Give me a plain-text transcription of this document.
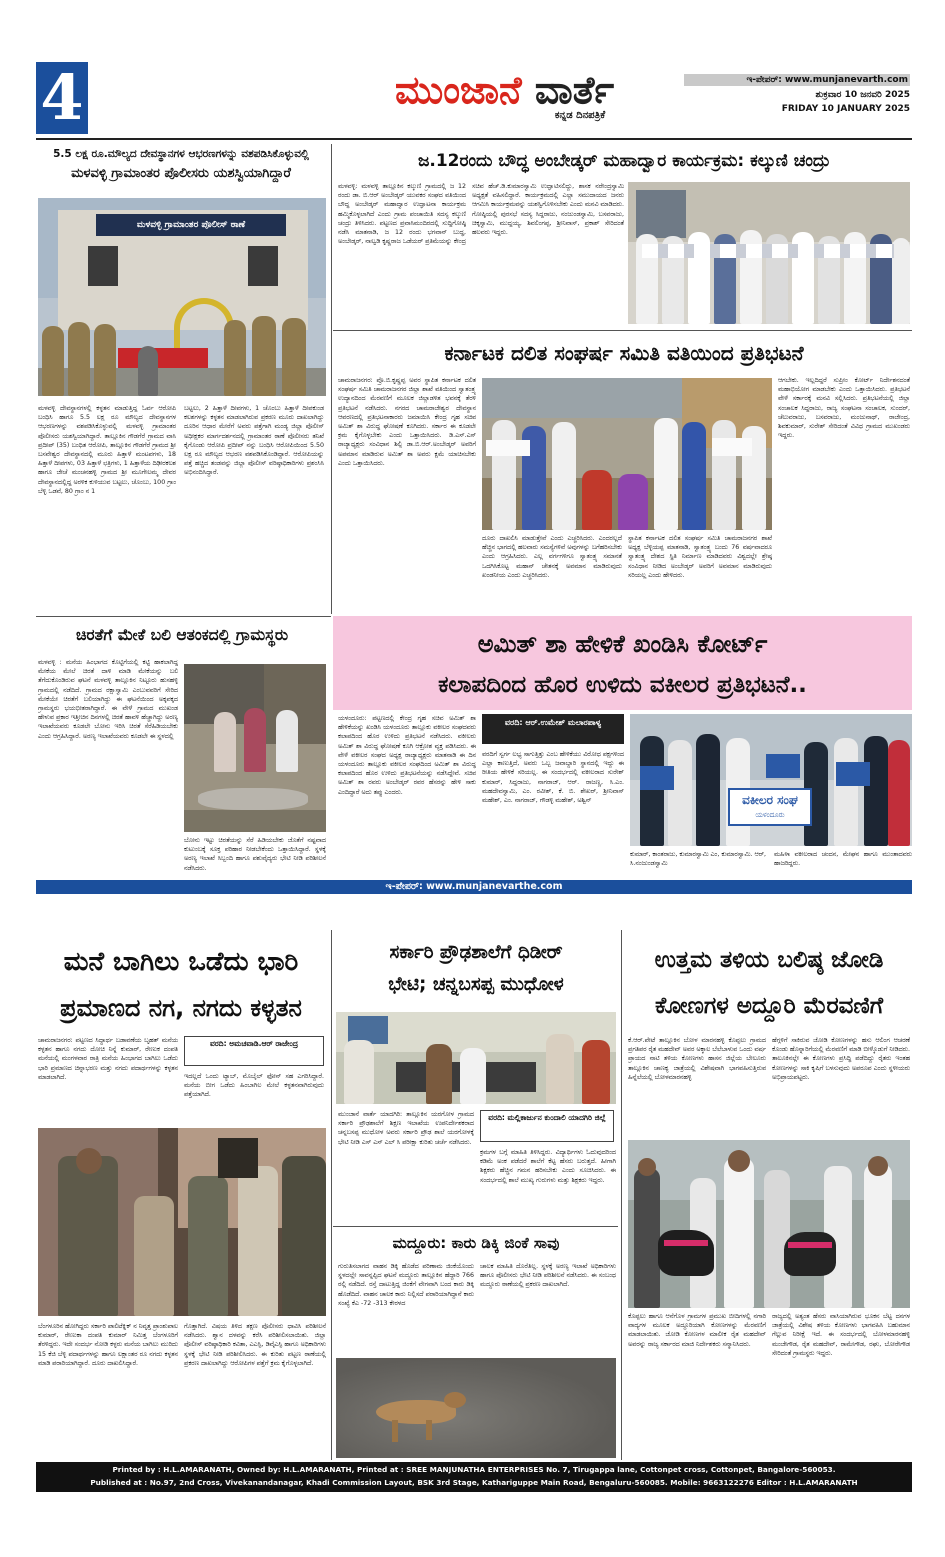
4	ಮುಂಜಾನೆ ವಾರ್ತೆ
ಕನ್ನಡ ದಿನಪತ್ರಿಕೆ
ಇ-ಪೇಪರ್: www.munjanevarth.com
ಶುಕ್ರವಾರ 10 ಜನವರಿ 2025
FRIDAY 10 JANUARY 2025
5.5 ಲಕ್ಷ ರೂ.ಮೌಲ್ಯದ ದೇವಸ್ಥಾನಗಳ ಆಭರಣಗಳನ್ನು ವಶಪಡಿಸಿಕೊಳ್ಳುವಲ್ಲಿ
ಮಳವಳ್ಳಿ ಗ್ರಾಮಾಂತರ ಪೊಲೀಸರು ಯಶಸ್ವಿಯಾಗಿದ್ದಾರೆ
ಮಳವಳ್ಳಿ ಗ್ರಾಮಾಂತರ ಪೊಲೀಸ್ ಠಾಣೆ
ಮಳವಳ್ಳಿ ದೇವಸ್ಥಾನಗಳಲ್ಲಿ ಕಳ್ಳತನ ಮಾಡುತ್ತಿದ್ದ ಓರ್ವ ಆರೋಪಿ ಬಂಧಿಸಿ ಹಾಗೂ 5.5 ಲಕ್ಷ ರೂ ಮೌಲ್ಯದ ದೇವಸ್ಥಾನಗಳ ಆಭರಣಗಳನ್ನು ವಶಪಡಿಸಿಕೊಳ್ಳುವಲ್ಲಿ ಮಳವಳ್ಳಿ ಗ್ರಾಮಾಂತರ ಪೊಲೀಸರು ಯಶಸ್ವಿಯಾಗಿದ್ದಾರೆ. ತಾಲ್ಲೂಕಿನ ಗೌಡಗೆರೆ ಗ್ರಾಮದ ವಾಸಿ ಪ್ರದೀಪ್ (35) ಬಂಧಿತ ಆರೋಪಿ, ತಾಲ್ಲೂಕಿನ ಗೌಡಗೆರೆ ಗ್ರಾಮದ ಶ್ರೀ ಬಸವೇಶ್ವರ ದೇವಸ್ಥಾನದಲ್ಲಿ ಮೂರು ಹಿತ್ತಾಳೆ ಮಂಟಪಗಳು, 18 ಹಿತ್ತಾಳೆ ದೀಪಗಳು, 03 ಹಿತ್ತಾಳೆ ಛತ್ರಿಗಳು, 1 ಹಿತ್ತಾಳೆಯ ದಿಢೀರಕಲಶ ಹಾಗೂ ಜೇಚೆ ಮಂಚನಹಳ್ಳಿ ಗ್ರಾಮದ ಶ್ರೀ ಮೂಗೇಲಮ್ಮ ದೇವರ ದೇವಸ್ಥಾನದಲ್ಲಿದ್ದ ಅರಳಿಕ ಕುಳಿಯುವ ಬಟ್ಟಲು, ಚೊಂಬು, 100 ಗ್ರಾಂ ಬೆಳ್ಳಿ ಒಡವೆ, 80 ಗ್ರಾಂ ನ 1
ಬಟ್ಟಲು, 2 ಹಿತ್ತಾಳೆ ದೀಪಗಳು, 1 ಚೊಂಬು ಹಿತ್ತಾಳೆ ದೀಪಕುಂಡ ಕಲಶಗಳನ್ನು ಕಳ್ಳತನ ಮಾಡಲಾಗಿರುವ ಪ್ರಕರಣ ಮೂರು ದಾಖಲಾಗಿದ್ದು ದೂರಿನ ಆಧಾರ ಮೇರೆಗೆ ಅವರು ಪತ್ತೆಗಾಗಿ ಮಂಡ್ಯ ಜಿಲ್ಲಾ ಪೊಲೀಸ್ ಅಧೀಕ್ಷಕರ ಮಾರ್ಗದರ್ಶನದಲ್ಲಿ ಗ್ರಾಮಾಂತರ ಠಾಣೆ ಪೊಲೀಸರು ತನಿಖೆ ಕೈಗೊಂಡು ಆರೋಪಿ ಪ್ರದೀಪ್ ನನ್ನು ಬಂಧಿಸಿ ಆರೋಪಿಯಿಂದ 5.50 ಲಕ್ಷ ರೂ ಮೌಲ್ಯದ ಆಭರಣ ವಶಪಡಿಸಿಕೊಂಡಿದ್ದಾರೆ. ಆರೋಪಿಯನ್ನು ಪತ್ತೆ ಹಚ್ಚಿದ ತಂಡವನ್ನು ಜಿಲ್ಲಾ ಪೊಲೀಸ್ ವರಿಷ್ಠಾಧಿಕಾರಿಗಳು ಪ್ರಶಂಸಿಸಿ ಅಭಿನಂದಿಸಿದ್ದಾರೆ.
ಜ.12ರಂದು ಬೌದ್ಧ ಅಂಬೇಡ್ಕರ್ ಮಹಾದ್ವಾರ ಕಾರ್ಯಕ್ರಮ: ಕಲ್ಕುಣಿ ಚಂದ್ರು
ಮಳವಳ್ಳಿ: ಮಳವಳ್ಳಿ ತಾಲ್ಲೂಕಿನ ಕಲ್ಕುಣಿ ಗ್ರಾಮದಲ್ಲಿ ಜ 12 ರಂದು ಡಾ. ಬಿ.ಆರ್ ಅಂಬೇಡ್ಕರ್ ಯುವಕರ ಸಂಘದ ವತಿಯಿಂದ ಬೌದ್ಧ ಅಂಬೇಡ್ಕರ್ ಮಹಾದ್ವಾರ ಉದ್ಘಾಟನಾ ಕಾರ್ಯಕ್ರಮ ಹಮ್ಮಿಕೊಳ್ಳಲಾಗಿದೆ ಎಂದು ಗ್ರಾಮ ಪಂಚಾಯಿತಿ ಸದಸ್ಯ ಕಲ್ಕುಣಿ ಚಂದ್ರು ತಿಳಿಸಿದರು. ಪಟ್ಟಣದ ಪ್ರವಾಸಿಮಂದಿರದಲ್ಲಿ ಸುದ್ದಿಗೋಷ್ಠಿ ನಡೆಸಿ ಮಾತನಾಡಿ, ಜ 12 ರಂದು ಭಗವಾನ್ ಬುದ್ಧ, ಅಂಬೇಡ್ಕರ್, ನಾಲ್ವಡಿ ಕೃಷ್ಣರಾಜ ಒಡೆಯರ್ ಪ್ರತಿಮೆಯನ್ನು ಕೇಂದ್ರ
ಸಚಿವ ಹೆಚ್.ಡಿ.ಕುಮಾರಸ್ವಾಮಿ ಉದ್ಘಾಟಿಸಲಿದ್ದು, ಶಾಸಕ ನರೇಂದ್ರಸ್ವಾಮಿ ಅಧ್ಯಕ್ಷತೆ ವಹಿಸಲಿದ್ದಾರೆ. ಕಾರ್ಯಕ್ರಮದಲ್ಲಿ ಎಲ್ಲಾ ಸಮುದಾಯದ ಜನರು ಆಗಮಿಸಿ ಕಾರ್ಯಕ್ರಮವನ್ನು ಯಶಸ್ವಿಗೊಳಿಸಬೇಕು ಎಂದು ಮನವಿ ಮಾಡಿದರು. ಗೋಷ್ಠಿಯಲ್ಲಿ ಪುರಸಭೆ ಸದಸ್ಯ ಸಿದ್ದರಾಜು, ನಂಜುಂಡಸ್ವಾಮಿ, ಬಸವರಾಜು, ಚಿಕ್ಕಸ್ವಾಮಿ, ಮುದ್ದಯ್ಯ, ಶಿವಲಿಂಗಪ್ಪ, ಶ್ರೀನಿವಾಸ್, ಪ್ರಕಾಶ್ ಸೇರಿದಂತೆ ಹಲವರು ಇದ್ದರು.
ಕರ್ನಾಟಕ ದಲಿತ ಸಂಘರ್ಷ ಸಮಿತಿ ವತಿಯಿಂದ ಪ್ರತಿಭಟನೆ
ಚಾಮರಾಜನಗರ: ಪ್ರೊ.ಬಿ.ಕೃಷ್ಣಪ್ಪ ಅವರ ಸ್ಥಾಪಿತ ಕರ್ನಾಟಕ ದಲಿತ ಸಂಘರ್ಷ ಸಮಿತಿ ಚಾಮರಾಜನಗರ ಜಿಲ್ಲಾ ಶಾಖೆ ವತಿಯಿಂದ ಸ್ವಾತಂತ್ರ್ಯ ಉದ್ಯಾನದಿಂದ ಮೆರವಣಿಗೆ ಮೂಲಕ ಜಿಲ್ಲಾಡಳಿತ ಭವನಕ್ಕೆ ತೆರಳಿ ಪ್ರತಿಭಟನೆ ನಡೆಸಿದರು. ನಗರದ ಚಾಮರಾಜೇಶ್ವರ ದೇವಸ್ಥಾನ ಆವರಣದಲ್ಲಿ ಪ್ರತಿಭಟನಾಕಾರರು ಜಮಾಯಿಸಿ ಕೇಂದ್ರ ಗೃಹ ಸಚಿವ ಅಮಿತ್ ಶಾ ವಿರುದ್ಧ ಘೋಷಣೆ ಕೂಗಿದರು. ಸರ್ಕಾರ ಈ ಕೂಡಲೇ ಕ್ರಮ ಕೈಗೊಳ್ಳಬೇಕು ಎಂದು ಒತ್ತಾಯಿಸಿದರು. ಡಿ.ಎಸ್.ಎಸ್ ರಾಜ್ಯಾಧ್ಯಕ್ಷರು ಸಂವಿಧಾನ ಶಿಲ್ಪಿ ಡಾ.ಬಿ.ಆರ್.ಅಂಬೇಡ್ಕರ್ ಅವರಿಗೆ ಅಪಮಾನ ಮಾಡಿರುವ ಅಮಿತ್ ಶಾ ಅವರು ಕ್ಷಮೆ ಯಾಚಿಸಬೇಕು ಎಂದು ಒತ್ತಾಯಿಸಿದರು.
ದೂರು ದಾಖಲಿಸಿ ಮಾಡುತ್ತೇವೆ ಎಂದು ಎಚ್ಚರಿಸಿದರು. ಎಂದರಲ್ಲದೆ ಹೆಚ್ಚಿನ ಭಾಗದಲ್ಲಿ ಹಲವಾರು ಸಮಸ್ಯೆಗಳಿವೆ ಅವುಗಳನ್ನು ಬಗೆಹರಿಸಬೇಕು ಎಂದು ಆಗ್ರಹಿಸಿದರು. ಎಲ್ಲ ವರ್ಗಗಳಿಗೂ ಸ್ವಾತಂತ್ರ್ಯ ಸಮಾನತೆ ಒದಗಿಸಿಕೊಟ್ಟ ಮಹಾನ್ ಚೇತನಕ್ಕೆ ಅವಮಾನ ಮಾಡಿರುವುದು ಖಂಡನೀಯ ಎಂದು ಎಚ್ಚರಿಸಿದರು.
ಸ್ಥಾಪಿತ ಕರ್ನಾಟಕ ದಲಿತ ಸಂಘರ್ಷ ಸಮಿತಿ ಚಾಮರಾಜನಗರ ಶಾಖೆ ಅಧ್ಯಕ್ಷ ಬೆಳ್ಳಿಯಪ್ಪ ಮಾತನಾಡಿ, ಸ್ವಾತಂತ್ರ್ಯ ಬಂದು 76 ವರ್ಷವಾದರೂ ಸ್ವಾತಂತ್ರ್ಯ ದೇಶದ ಸ್ಥಿತಿ ನಿರ್ಮಾಣ ಮಾಡಿದವರು ವಿಶ್ವದಲ್ಲೇ ಶ್ರೇಷ್ಠ ಸಂವಿಧಾನ ನೀಡಿದ ಅಂಬೇಡ್ಕರ್ ಅವರಿಗೆ ಅವಮಾನ ಮಾಡಿರುವುದು ಸರಿಯಲ್ಲ ಎಂದು ಹೇಳಿದರು.
ಆಗಬೇಕು. ಇಲ್ಲದಿದ್ದರೆ ಸುಪ್ರೀಂ ಕೋರ್ಟ್ ನಿರ್ದೇಶನದಂತೆ ಮಹಾಭಿಯೋಗ ಮಾಡಬೇಕು ಎಂದು ಒತ್ತಾಯಿಸಿದರು. ಪ್ರತಿಭಟನೆ ವೇಳೆ ಸರ್ಕಾರಕ್ಕೆ ಮನವಿ ಸಲ್ಲಿಸಿದರು. ಪ್ರತಿಭಟನೆಯಲ್ಲಿ ಜಿಲ್ಲಾ ಸಂಚಾಲಕ ಸಿದ್ದರಾಜು, ರಾಜ್ಯ ಸಂಘಟನಾ ಸಂಚಾಲಕ, ಸುಂದರ್, ಚೆಲುವರಾಜು, ಬಸವರಾಜು, ಮಂಜುನಾಥ್, ರಾಜೇಂದ್ರ, ಶಿವಕುಮಾರ್, ಸುರೇಶ್ ಸೇರಿದಂತೆ ವಿವಿಧ ಗ್ರಾಮದ ಮುಖಂಡರು ಇದ್ದರು.
ಚಿರತೆಗೆ ಮೇಕೆ ಬಲಿ ಆತಂಕದಲ್ಲಿ ಗ್ರಾಮಸ್ಥರು
ಮಳವಳ್ಳಿ : ಮನೆಯ ಹಿಂಭಾಗದ ಕೊಟ್ಟಿಗೆಯಲ್ಲಿ ಕಟ್ಟಿ ಹಾಕಲಾಗಿದ್ದ ಮೇಕೆಯ ಮೇಲೆ ಚಿರತೆ ದಾಳಿ ಮಾಡಿ ಮೇಕೆಯನ್ನು ಬಲಿ ತೆಗೆದುಕೊಂಡಿರುವ ಘಟನೆ ಮಳವಳ್ಳಿ ತಾಲ್ಲೂಕಿನ ನಿಟ್ಟೂರು ಹುಸಹಳ್ಳಿ ಗ್ರಾಮದಲ್ಲಿ ನಡೆದಿದೆ. ಗ್ರಾಮದ ರಕ್ಷಾಸ್ವಾಮಿ ಎಂಬುವವರಿಗೆ ಸೇರಿದ ಮೇಕೆಯೇ ಚಿರತೆಗೆ ಬಲಿಯಾಗಿದ್ದು ಈ ಘಟನೆಯಿಂದ ಅಕ್ಕಪಕ್ಕದ ಗ್ರಾಮಸ್ಥರು ಭಯಭೀತರಾಗಿದ್ದಾರೆ. ಈ ವೇಳೆ ಗ್ರಾಮದ ಮುಖಂಡ ಹೇಳುವ ಪ್ರಕಾರ ಇತ್ತೀಚಿನ ದಿನಗಳಲ್ಲಿ ಚಿರತೆ ಹಾವಳಿ ಹೆಚ್ಚಾಗಿದ್ದು ಅರಣ್ಯ ಇಲಾಖೆಯವರು ಕೂಡಲೇ ಬೋನು ಇರಿಸಿ ಚಿರತೆ ಸೆರೆಹಿಡಿಯಬೇಕು ಎಂದು ಆಗ್ರಹಿಸಿದ್ದಾರೆ. ಅರಣ್ಯ ಇಲಾಖೆಯವರು ಕೂಡಲೇ ಈ ಸ್ಥಳದಲ್ಲಿ
ಬೋನು ಇಟ್ಟು ಚಿರತೆಯನ್ನು ಸೆರೆ ಹಿಡಿಯಬೇಕು ಜೊತೆಗೆ ನಷ್ಟವಾದ ಕುಟುಂಬಕ್ಕೆ ಸೂಕ್ತ ಪರಿಹಾರ ನೀಡಬೇಕೆಂದು ಒತ್ತಾಯಿಸಿದ್ದಾರೆ. ಸ್ಥಳಕ್ಕೆ ಅರಣ್ಯ ಇಲಾಖೆ ಸಿಬ್ಬಂದಿ ಹಾಗೂ ಪಶುವೈದ್ಯರು ಭೇಟಿ ನೀಡಿ ಪರಿಶೀಲನೆ ನಡೆಸಿದರು.
ಅಮಿತ್ ಶಾ ಹೇಳಿಕೆ ಖಂಡಿಸಿ ಕೋರ್ಟ್
ಕಲಾಪದಿಂದ ಹೊರ ಉಳಿದು ವಕೀಲರ ಪ್ರತಿಭಟನೆ..
ಯಳಂದೂರು: ಪಟ್ಟಣದಲ್ಲಿ ಕೇಂದ್ರ ಗೃಹ ಸಚಿವ ಅಮಿತ್ ಶಾ ಹೇಳಿಕೆಯನ್ನು ಖಂಡಿಸಿ ಯಳಂದೂರು ತಾಲ್ಲೂಕು ವಕೀಲರ ಸಂಘದವರು ಕಲಾಪದಿಂದ ಹೊರ ಉಳಿದು ಪ್ರತಿಭಟನೆ ನಡೆಸಿದರು. ವಕೀಲರು ಅಮಿತ್ ಶಾ ವಿರುದ್ಧ ಘೋಷಣೆ ಕೂಗಿ ಆಕ್ರೋಶ ವ್ಯಕ್ತ ಪಡಿಸಿದರು. ಈ ವೇಳೆ ವಕೀಲರ ಸಂಘದ ಅಧ್ಯಕ್ಷ ರಾಜ್ಯಾಧ್ಯಕ್ಷರು ಮಾತನಾಡಿ ಈ ದಿನ ಯಳಂದೂರು ತಾಲ್ಲೂಕು ವಕೀಲರ ಸಂಘದಿಂದ ಅಮಿತ್ ಶಾ ವಿರುದ್ಧ ಕಲಾಪದಿಂದ ಹೊರ ಉಳಿದು ಪ್ರತಿಭಟನೆಯನ್ನು ನಡೆಸಿದ್ದೇವೆ. ಸಚಿವ ಅಮಿತ್ ಶಾ ರವರು ಅಂಬೇಡ್ಕರ್ ರವರ ಹೆಸರನ್ನು ಹೇಳಿ ಸಾಕು ಎಂದಿದ್ದಾರೆ ಅದು ತಪ್ಪು ಎಂದರು.
ವರದಿ: ಆರ್.ಉಮೇಶ್ ಮಲಾರಪಾಳ್ಯ
ವರದಿಗೆ ಸ್ವರ್ಗ ಲಭ್ಯ ಸಾಗುತ್ತಿತ್ತು ಎಂಬ ಹೇಳಿಕೆಯು ವಿರೋಧ ಪಕ್ಷಗಳಿಂದ ಎಲ್ಲಾ ಕಾಣುತ್ತಿದೆ, ಅವರು ಒಬ್ಬ ಜವಾಬ್ದಾರಿ ಸ್ಥಾನದಲ್ಲಿ ಇದ್ದು ಈ ರೀತಿಯ ಹೇಳಿಕೆ ಸರಿಯಲ್ಲ. ಈ ಸಂದರ್ಭದಲ್ಲಿ ವಕೀಲರಾದ ಸುರೇಶ್ ಕುಮಾರ್, ಸಿದ್ದರಾಜು, ನಾಗರಾಜ್, ಆರ್. ರಾಜಣ್ಣ, ಸಿ.ಎಂ. ಮಹದೇವಸ್ವಾಮಿ, ಎಂ. ರವೀಶ್, ಕೆ. ಬಿ. ಶೇಖರ್, ಶ್ರೀನಿವಾಸ್ ಮಹೇಶ್, ಎಂ. ನಾಗರಾಜ್, ಗೌಡಳ್ಳಿ ಮಹೇಶ್, ಅಶ್ವಿನ್	ವಕೀಲರ ಸಂಘ
ಯಳಂದೂರು
ಕುಮಾರ್, ಕಾಂತರಾಜು, ಕುಮಾರಸ್ವಾಮಿ ಎಂ, ಕುಮಾರಸ್ವಾಮಿ. ಆರ್, ಸಿ.ನಂಜುಂಡಸ್ವಾಮಿ
ಮಹಿಳಾ ವಕೀಲರಾದ ಚಂದನ, ಮೇಘನ ಹಾಗೂ ಮುಂತಾದವರು ಹಾಜರಿದ್ದರು.
ಇ-ಪೇಪರ್: www.munjanevarthe.com
ಮನೆ ಬಾಗಿಲು ಒಡೆದು ಭಾರಿ
ಪ್ರಮಾಣದ ನಗ, ನಗದು ಕಳ್ಳತನ
ಚಾಮರಾಜನಗರ: ಪಟ್ಟಣದ ಸಿದ್ಧಾರ್ಥ ಬಡಾವಣೆಯ ಬೃಹತ್ ಮನೆಯ ಕಳ್ಳತನ ಹಾಗೂ ನಗದು ದೋಚಿ ನಿನ್ನೆ ಕುಮಾರ್, ರೇಣುಕ ದಂಪತಿ ಮನೆಯಲ್ಲಿ ಮಂಗಳವಾರ ರಾತ್ರಿ ಮನೆಯ ಹಿಂಭಾಗದ ಬಾಗಿಲು ಒಡೆದು ಭಾರಿ ಪ್ರಮಾಣದ ಚಿನ್ನಾಭರಣ ಮತ್ತು ನಗದು ಪದಾರ್ಥಗಳನ್ನು ಕಳ್ಳತನ ಮಾಡಲಾಗಿದೆ.
ವರದಿ: ಅಮಚವಾಡಿ.ಆರ್ ರಾಜೇಂದ್ರ
ಇದಲ್ಲದೆ ಒಂದು ಟ್ಯಾಬ್, ಮೊಬೈಲ್ ಫೋನ್ ಸಹ ಎಗರಿಸಿದ್ದಾರೆ. ಮನೆಯ ಬೀಗ ಒಡೆದು ಹಿಂಬಾಗಿಲ ಮೇಲೆ ಕಳ್ಳತನವಾಗಿರುವುದು ಪತ್ತೆಯಾಗಿದೆ.
ಬೆಂಗಳೂರಿನ ಹೋಗಿದ್ದರು ಸರ್ಕಾರಿ ಪಾಲಿಟೆಕ್ನಿಕ್ ನ ನಿವೃತ್ತ ಪ್ರಾಂಶುಪಾಲ ಕುಮಾರ್, ರೇಣುಕಾ ದಂಪತಿ ಕುಮಾರ್ ನಿಮಿತ್ತ ಬೆಂಗಳೂರಿಗೆ ತೆರಳಿದ್ದರು. ಇದೇ ಸಂದರ್ಭ ನೋಡಿ ಕಳ್ಳರು ಮನೆಯ ಬಾಗಿಲು ಮುರಿದು 15 ಕೆಜಿ ಬೆಳ್ಳಿ ಪದಾರ್ಥಗಳನ್ನು ಹಾಗೂ ಲಕ್ಷಾಂತರ ರೂ ನಗದು ಕಳ್ಳತನ ಮಾಡಿ ಪರಾರಿಯಾಗಿದ್ದಾರೆ. ದೂರು ದಾಖಲಿಸಿದ್ದಾರೆ.
ಗೊತ್ತಾಗಿದೆ. ವಿಷಯ ತಿಳಿದ ತಕ್ಷಣ ಪೊಲೀಸರು ಧಾವಿಸಿ ಪರಿಶೀಲನೆ ನಡೆಸಿದರು. ಶ್ವಾನ ದಳವನ್ನು ಕರೆಸಿ ಪರಿಶೀಲಿಸಲಾಯಿತು. ಜಿಲ್ಲಾ ಪೊಲೀಸ್ ವರಿಷ್ಠಾಧಿಕಾರಿ ಕವಿತಾ, ಎಎಸ್ಪಿ, ಡಿವೈಎಸ್ಪಿ ಹಾಗೂ ಅಧಿಕಾರಿಗಳು ಸ್ಥಳಕ್ಕೆ ಭೇಟಿ ನೀಡಿ ಪರಿಶೀಲಿಸಿದರು. ಈ ಕುರಿತು ಪಟ್ಟಣ ಠಾಣೆಯಲ್ಲಿ ಪ್ರಕರಣ ದಾಖಲಾಗಿದ್ದು ಆರೋಪಿಗಳ ಪತ್ತೆಗೆ ಕ್ರಮ ಕೈಗೊಳ್ಳಲಾಗಿದೆ.
ಸರ್ಕಾರಿ ಪ್ರೌಢಶಾಲೆಗೆ ಧಿಡೀರ್
ಭೇಟಿ; ಚನ್ನಬಸಪ್ಪ ಮುಧೋಳ
ಮುಂಜಾನೆ ವಾರ್ತೆ ಯಾದಗಿರಿ: ತಾಲ್ಲೂಕಿನ ಯರಗೋಳ ಗ್ರಾಮದ ಸರ್ಕಾರಿ ಪ್ರೌಢಶಾಲೆಗೆ ಶಿಕ್ಷಣ ಇಲಾಖೆಯ ಉಪನಿರ್ದೇಶಕರಾದ ಚನ್ನಬಸಪ್ಪ ಮುಧೋಳ ಅವರು ಸರ್ಕಾರಿ ಪ್ರೌಢ ಶಾಲೆ ಯರಗೋಳಕ್ಕೆ ಭೇಟಿ ನೀಡಿ ಎಸ್ ಎಸ್ ಎಲ್ ಸಿ ಪರೀಕ್ಷಾ ಕುರಿತು ಚರ್ಚೆ ನಡೆಸಿದರು.
ವರದಿ: ಮಲ್ಲಿಕಾರ್ಜುನ ಕುಂದಾಲಿ ಯಾದಗಿರಿ ಜಿಲ್ಲೆ
ಕ್ರಮಗಳ ಬಗ್ಗೆ ಮಾಹಿತಿ ತಿಳಿಸಿದ್ದರು. ವಿದ್ಯಾರ್ಥಿಗಳು ಓದುವುದರಿಂದ ಕಡಿಮೆ ಅಂಕ ಪಡೆದರೆ ಶಾಲೆಗೆ ಕೆಟ್ಟ ಹೆಸರು ಬರುತ್ತದೆ. ಹೀಗಾಗಿ ಶಿಕ್ಷಕರು ಹೆಚ್ಚಿನ ಗಮನ ಹರಿಸಬೇಕು ಎಂದು ಸೂಚಿಸಿದರು. ಈ ಸಂದರ್ಭದಲ್ಲಿ ಶಾಲೆ ಮುಖ್ಯ ಗುರುಗಳು ಮತ್ತು ಶಿಕ್ಷಕರು ಇದ್ದರು.
ಮದ್ದೂರು: ಕಾರು ಡಿಕ್ಕಿ ಜಿಂಕೆ ಸಾವು
ಗುರುತಿಸಲಾಗದ ವಾಹನ ಡಿಕ್ಕಿ ಹೊಡೆದ ಪರಿಣಾಮ ಜಿಂಕೆಯೊಂದು ಸ್ಥಳದಲ್ಲೇ ಸಾವನ್ನಪ್ಪಿದ ಘಟನೆ ಮದ್ದೂರು ತಾಲ್ಲೂಕಿನ ಹೆದ್ದಾರಿ 766 ರಲ್ಲಿ ನಡೆದಿದೆ. ರಸ್ತೆ ದಾಟುತ್ತಿದ್ದ ಜಿಂಕೆಗೆ ವೇಗವಾಗಿ ಬಂದ ಕಾರು ಡಿಕ್ಕಿ ಹೊಡೆದಿದೆ. ವಾಹನ ಚಾಲಕ ಕಾರು ನಿಲ್ಲಿಸದೆ ಪರಾರಿಯಾಗಿದ್ದಾನೆ ಕಾರು ಸಂಖ್ಯೆ ಕೆಎ -72 -313 ಕೇರಳದ
ಚಾಲಕ ಮಾಹಿತಿ ದೊರೆತಿಲ್ಲ. ಸ್ಥಳಕ್ಕೆ ಅರಣ್ಯ ಇಲಾಖೆ ಅಧಿಕಾರಿಗಳು ಹಾಗೂ ಪೊಲೀಸರು ಭೇಟಿ ನೀಡಿ ಪರಿಶೀಲನೆ ನಡೆಸಿದರು. ಈ ಸಂಬಂಧ ಮದ್ದೂರು ಠಾಣೆಯಲ್ಲಿ ಪ್ರಕರಣ ದಾಖಲಾಗಿದೆ.
ಉತ್ತಮ ತಳಿಯ ಬಲಿಷ್ಠ ಜೋಡಿ
ಕೋಣಗಳ ಅದ್ದೂರಿ ಮೆರವಣಿಗೆ
ಕೆ.ಆರ್.ಪೇಟೆ ತಾಲ್ಲೂಕಿನ ಬೋಳ ಮಾರನಹಳ್ಳಿ ಕೊಪ್ಪಲು ಗ್ರಾಮದ ಪ್ರಗತಿಪರ ರೈತ ಮಹದೇವ್ ಅವರ ಅಕ್ಕಾಲ ಬೆಲೆಬಾಳುವ ಒಂದು ವರ್ಷ ಪ್ರಾಯದ ನಾಟಿ ತಳಿಯ ಕೋಣಗಳು ಹಾಸನ ಜಿಲ್ಲೆಯ ಬೇಲೂರು ತಾಲ್ಲೂಕಿನ ಚಾಣಕ್ಯ ಜಾತ್ರೆಯಲ್ಲಿ ವಿಶೇಷವಾಗಿ ಭಾಗವಹಿಸುತ್ತಿರುವ ಹಿನ್ನೆಲೆಯಲ್ಲಿ ಬೋಳಮಾರನಹಳ್ಳಿ
ಹೆಗ್ಗಳಿಗೆ ಸಾಕಿರುವ ಜೋಡಿ ಕೋಣಗಳನ್ನು ಹಸು ಆಲಿಂಗ ಆಚರಣೆ ಕೊಂಡು ಹೊನ್ನಾರಿಗೆಯಲ್ಲಿ ಮೆರವಣಿಗೆ ಮಾಡಿ ಬೀಳ್ಕೊಡುಗೆ ನೀಡಿದರು. ತಾಲೂಕಿನಲ್ಲೇ ಈ ಕೋಣಗಳು ಪ್ರಸಿದ್ಧಿ ಪಡೆದಿದ್ದು ರೈತರು ಇಂತಹ ಕೋಣಗಳನ್ನು ಸಾಕಿ ಕೃಷಿಗೆ ಬಳಸುವುದು ಅಪರೂಪ ಎಂದು ಸ್ಥಳೀಯರು ಅಭಿಪ್ರಾಯಪಟ್ಟರು.
ಕೊಪ್ಪಲು ಹಾಗೂ ಆನೆಗೊಳ ಗ್ರಾಮಗಳ ಪ್ರಮುಖ ಬೀದಿಗಳಲ್ಲಿ ನಗಾರಿ ವಾದ್ಯಗಳ ಮೂಲಕ ಅದ್ದೂರಿಯಾಗಿ ಕೋಣಗಳನ್ನು ಮೆರವಣಿಗೆ ಮಾಡಲಾಯಿತು. ಜೋಡಿ ಕೋಣಗಳ ಮಾಲೀಕ ರೈತ ಮಹದೇವ್ ಅವರನ್ನು ರಾಜ್ಯ ಸರ್ಕಾರದ ಮಾಜಿ ನಿರ್ದೇಶಕರು ಸನ್ಮಾನಿಸಿದರು.
ರಾಜ್ಯದಲ್ಲಿ ಅತ್ಯಂತ ಹೆಸರು ವಾಸಿಯಾಗಿರುವ ಭೂಕನ ಬೆಟ್ಟ ದನಗಳ ಜಾತ್ರೆಯಲ್ಲಿ ವಿಶೇಷ ತಳಿಯ ಕೋಣಗಳು ಭಾಗವಹಿಸಿ ಬಹುಮಾನ ಗೆಲ್ಲುವ ನಿರೀಕ್ಷೆ ಇದೆ. ಈ ಸಂದರ್ಭದಲ್ಲಿ ಬೋಳಮಾರನಹಳ್ಳಿ ಮಂಜೇಗೌಡ, ರೈತ ಮಹದೇವ್, ರಾಮೇಗೌಡ, ರಘು, ಬೋರೇಗೌಡ ಸೇರಿದಂತೆ ಗ್ರಾಮಸ್ಥರು ಇದ್ದರು.
Printed by : H.L.AMARANATH, Owned by: H.L.AMARANATH, Printed at : SREE MANJUNATHA ENTERPRISES No. 7, Tirugappa lane, Cottonpet cross, Cottonpet, Bangalore-560053.
Published at : No.97, 2nd Cross, Vivekanandanagar, Khadi Commission Layout, BSK 3rd Stage, Kathariguppe Main Road, Bengaluru-560085. Mobile: 9663122276 Editor : H.L.AMARANATH
